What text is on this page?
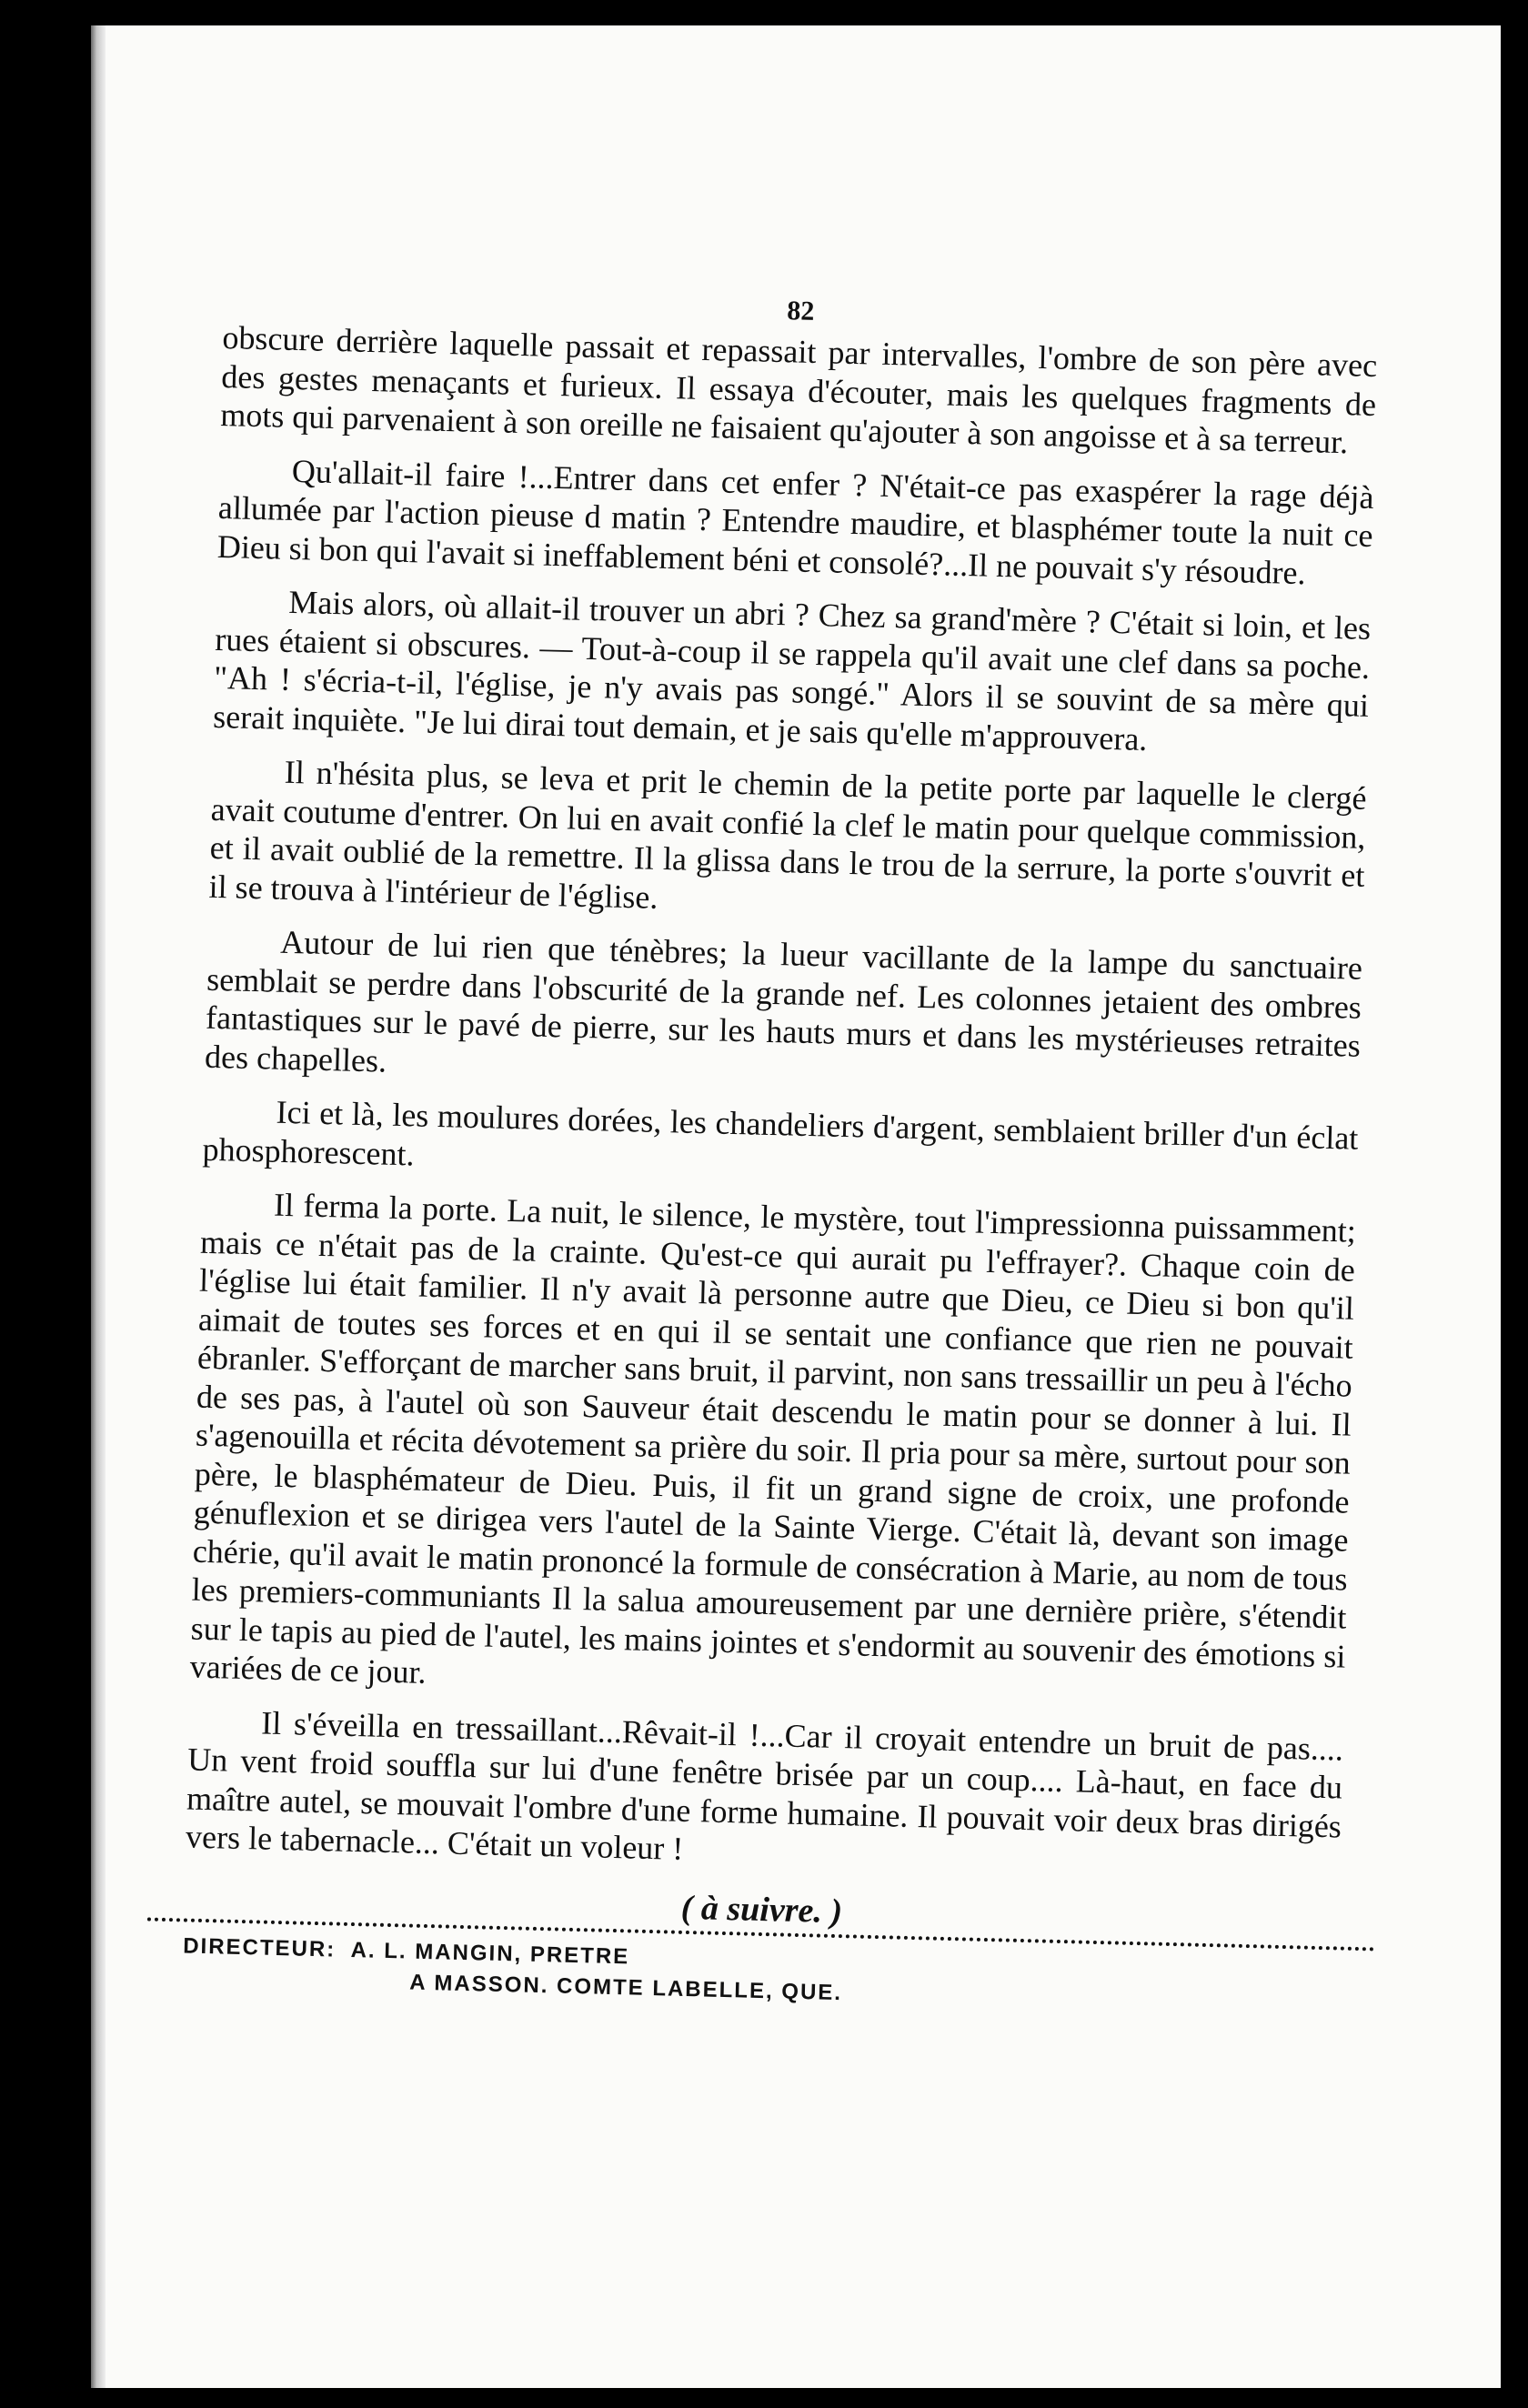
82

obscure derrière laquelle passait et repassait par intervalles, l'ombre de son père avec des gestes menaçants et furieux. Il essaya d'écouter, mais les quelques fragments de mots qui parvenaient à son oreille ne faisaient qu'ajouter à son angoisse et à sa terreur.

Qu'allait-il faire !...Entrer dans cet enfer ? N'était-ce pas exaspérer la rage déjà allumée par l'action pieuse d matin ? Entendre maudire, et blasphémer toute la nuit ce Dieu si bon qui l'avait si ineffablement béni et consolé?...Il ne pouvait s'y résoudre.

Mais alors, où allait-il trouver un abri ? Chez sa grand'mère ? C'était si loin, et les rues étaient si obscures. — Tout-à-coup il se rappela qu'il avait une clef dans sa poche. "Ah ! s'écria-t-il, l'église, je n'y avais pas songé." Alors il se souvint de sa mère qui serait inquiète. "Je lui dirai tout demain, et je sais qu'elle m'approuvera.

Il n'hésita plus, se leva et prit le chemin de la petite porte par laquelle le clergé avait coutume d'entrer. On lui en avait confié la clef le matin pour quelque commission, et il avait oublié de la remettre. Il la glissa dans le trou de la serrure, la porte s'ouvrit et il se trouva à l'intérieur de l'église.

Autour de lui rien que ténèbres; la lueur vacillante de la lampe du sanctuaire semblait se perdre dans l'obscurité de la grande nef. Les colonnes jetaient des ombres fantastiques sur le pavé de pierre, sur les hauts murs et dans les mystérieuses retraites des chapelles.

Ici et là, les moulures dorées, les chandeliers d'argent, semblaient briller d'un éclat phosphorescent.

Il ferma la porte. La nuit, le silence, le mystère, tout l'impressionna puissamment; mais ce n'était pas de la crainte. Qu'est-ce qui aurait pu l'effrayer?. Chaque coin de l'église lui était familier. Il n'y avait là personne autre que Dieu, ce Dieu si bon qu'il aimait de toutes ses forces et en qui il se sentait une confiance que rien ne pouvait ébranler. S'efforçant de marcher sans bruit, il parvint, non sans tressaillir un peu à l'écho de ses pas, à l'autel où son Sauveur était descendu le matin pour se donner à lui. Il s'agenouilla et récita dévotement sa prière du soir. Il pria pour sa mère, surtout pour son père, le blasphémateur de Dieu. Puis, il fit un grand signe de croix, une profonde génuflexion et se dirigea vers l'autel de la Sainte Vierge. C'était là, devant son image chérie, qu'il avait le matin prononcé la formule de consécration à Marie, au nom de tous les premiers-communiants Il la salua amoureusement par une dernière prière, s'étendit sur le tapis au pied de l'autel, les mains jointes et s'endormit au souvenir des émotions si variées de ce jour.

Il s'éveilla en tressaillant...Rêvait-il !...Car il croyait entendre un bruit de pas.... Un vent froid souffla sur lui d'une fenêtre brisée par un coup.... Là-haut, en face du maître autel, se mouvait l'ombre d'une forme humaine. Il pouvait voir deux bras dirigés vers le tabernacle... C'était un voleur !

( à suivre. )
DIRECTEUR:  A. L. MANGIN, PRETRE
A MASSON. COMTE LABELLE, QUE.
